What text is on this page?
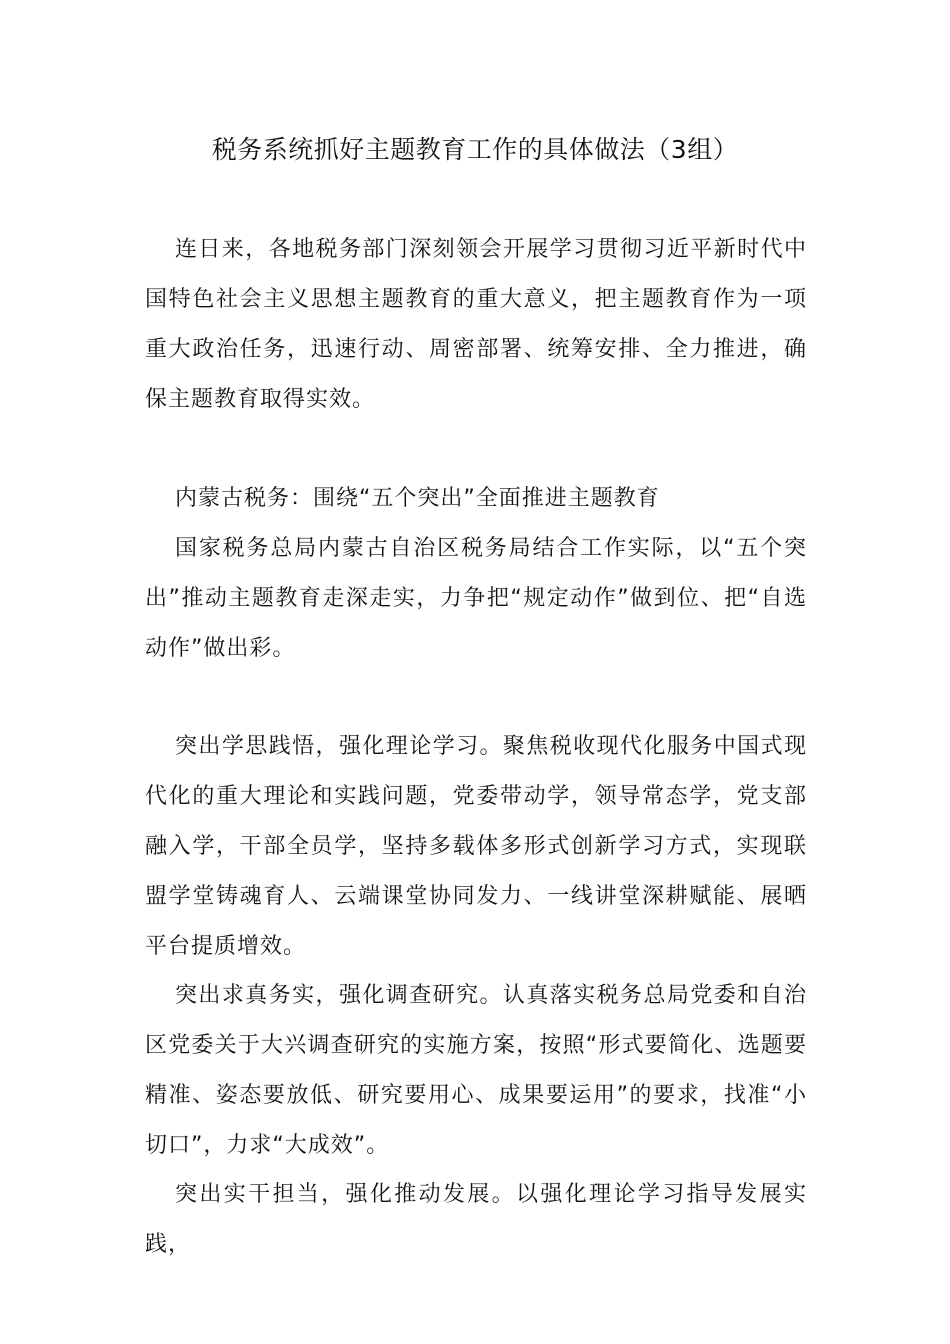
税务系统抓好主题教育工作的具体做法（3组）

连日来，各地税务部门深刻领会开展学习贯彻习近平新时代中国特色社会主义思想主题教育的重大意义，把主题教育作为一项重大政治任务，迅速行动、周密部署、统筹安排、全力推进，确保主题教育取得实效。

内蒙古税务：围绕“五个突出”全面推进主题教育

国家税务总局内蒙古自治区税务局结合工作实际，以“五个突出”推动主题教育走深走实，力争把“规定动作”做到位、把“自选动作”做出彩。

突出学思践悟，强化理论学习。聚焦税收现代化服务中国式现代化的重大理论和实践问题，党委带动学，领导常态学，党支部融入学，干部全员学，坚持多载体多形式创新学习方式，实现联盟学堂铸魂育人、云端课堂协同发力、一线讲堂深耕赋能、展晒平台提质增效。

突出求真务实，强化调查研究。认真落实税务总局党委和自治区党委关于大兴调查研究的实施方案，按照“形式要简化、选题要精准、姿态要放低、研究要用心、成果要运用”的要求，找准“小切口”，力求“大成效”。

突出实干担当，强化推动发展。以强化理论学习指导发展实践，
